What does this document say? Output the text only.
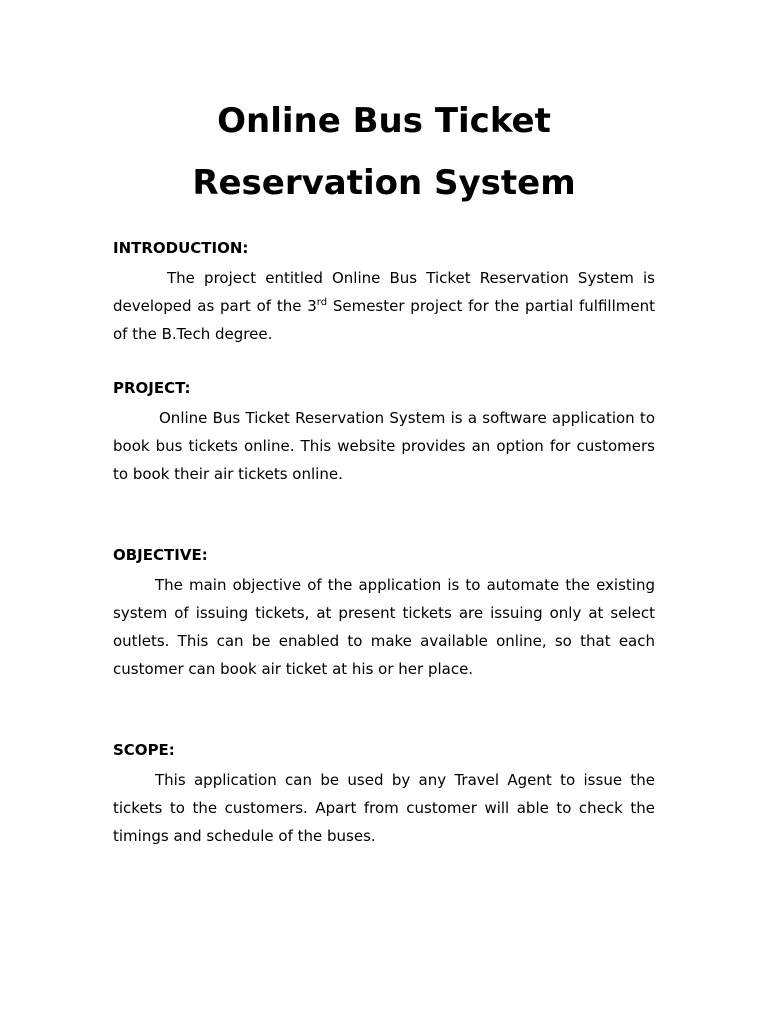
Online Bus Ticket
Reservation System
INTRODUCTION:

The project entitled Online Bus Ticket Reservation System is developed as part of the 3rd Semester project for the partial fulfillment of the B.Tech degree.

PROJECT:

Online Bus Ticket Reservation System is a software application to book bus tickets online. This website provides an option for customers to book their air tickets online.

OBJECTIVE:

The main objective of the application is to automate the existing system of issuing tickets, at present tickets are issuing only at select outlets. This can be enabled to make available online, so that each customer can book air ticket at his or her place.

SCOPE:

This application can be used by any Travel Agent to issue the tickets to the customers. Apart from customer will able to check the timings and schedule of the buses.
